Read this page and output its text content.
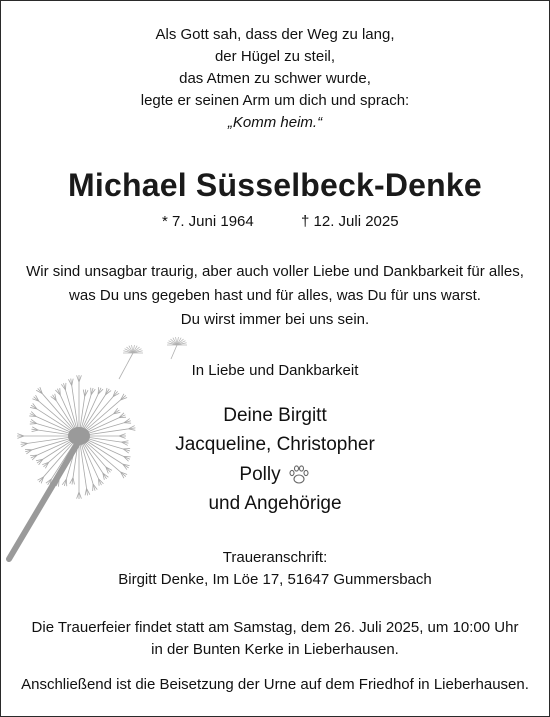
Als Gott sah, dass der Weg zu lang,
der Hügel zu steil,
das Atmen zu schwer wurde,
legte er seinen Arm um dich und sprach:
„Komm heim.“
Michael Süsselbeck-Denke
* 7. Juni 1964	† 12. Juli 2025
Wir sind unsagbar traurig, aber auch voller Liebe und Dankbarkeit für alles,
was Du uns gegeben hast und für alles, was Du für uns warst.
Du wirst immer bei uns sein.
In Liebe und Dankbarkeit
Deine Birgitt
Jacqueline, Christopher
Polly
und Angehörige
Traueranschrift:
Birgitt Denke, Im Löe 17, 51647 Gummersbach
Die Trauerfeier findet statt am Samstag, dem 26. Juli 2025, um 10:00 Uhr
in der Bunten Kerke in Lieberhausen.
Anschließend ist die Beisetzung der Urne auf dem Friedhof in Lieberhausen.
